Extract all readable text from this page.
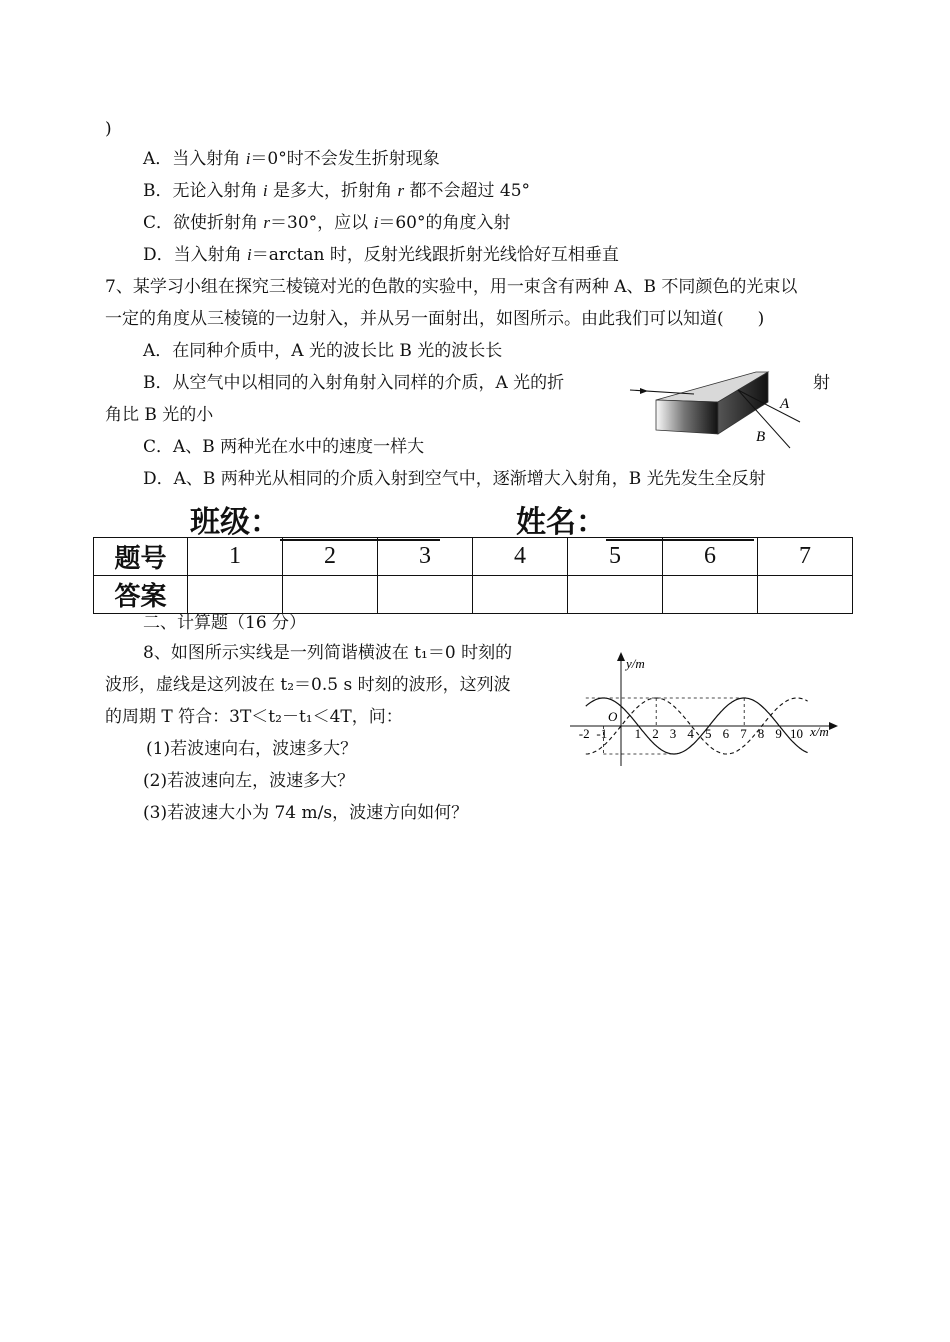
)
A．当入射角 i＝0°时不会发生折射现象
B．无论入射角 i 是多大，折射角 r 都不会超过 45°
C．欲使折射角 r＝30°，应以 i＝60°的角度入射
D．当入射角 i＝arctan 时，反射光线跟折射光线恰好互相垂直
7、某学习小组在探究三棱镜对光的色散的实验中，用一束含有两种 A、B 不同颜色的光束以
一定的角度从三棱镜的一边射入，并从另一面射出，如图所示。由此我们可以知道(　　)
A．在同种介质中，A 光的波长比 B 光的波长长
B．从空气中以相同的入射角射入同样的介质，A 光的折	射
角比 B 光的小
C．A、B 两种光在水中的速度一样大
D．A、B 两种光从相同的介质入射到空气中，逐渐增大入射角，B 光先发生全反射
A
B
班级：	姓名：
题号	1	2	3	4	5	6	7
答案							
二、计算题（16 分）
8、如图所示实线是一列简谐横波在 t₁＝0 时刻的
波形，虚线是这列波在 t₂＝0.5 s 时刻的波形，这列波
的周期 T 符合：3T＜t₂－t₁＜4T，问：
(1)若波速向右，波速多大？
(2)若波速向左，波速多大？
(3)若波速大小为 74 m/s，波速方向如何？
y/m
x/m
O
-2 -1 1 2 3 4 5 6 7 8 9 10
